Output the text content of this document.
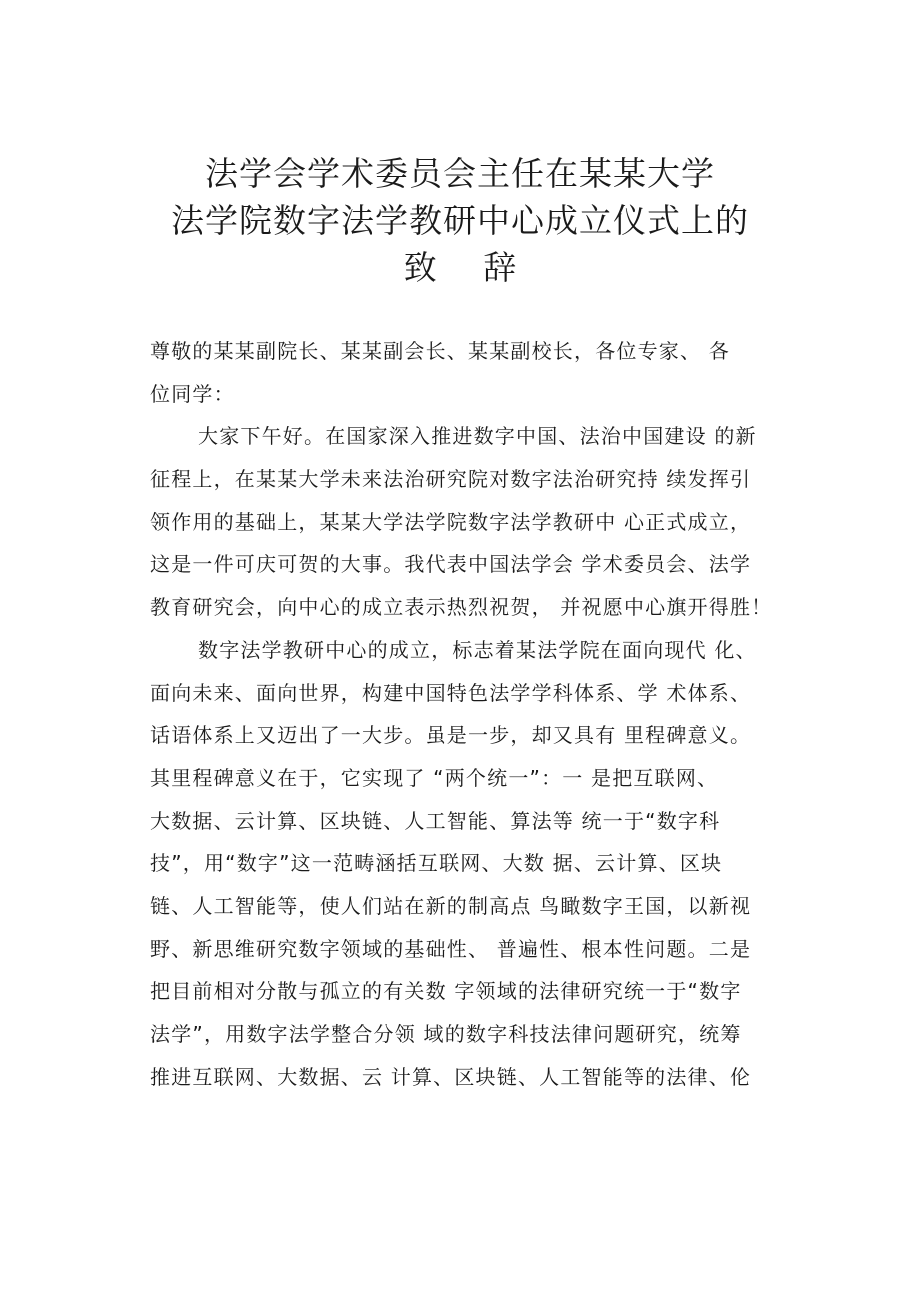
法学会学术委员会主任在某某大学
法学院数字法学教研中心成立仪式上的
致 辞
尊敬的某某副院长、某某副会长、某某副校长，各位专家、 各
位同学：
大家下午好。在国家深入推进数字中国、法治中国建设 的新
征程上，在某某大学未来法治研究院对数字法治研究持 续发挥引
领作用的基础上，某某大学法学院数字法学教研中 心正式成立，
这是一件可庆可贺的大事。我代表中国法学会 学术委员会、法学
教育研究会，向中心的成立表示热烈祝贺， 并祝愿中心旗开得胜！
数字法学教研中心的成立，标志着某法学院在面向现代 化、
面向未来、面向世界，构建中国特色法学学科体系、学 术体系、
话语体系上又迈出了一大步。虽是一步，却又具有 里程碑意义。
其里程碑意义在于，它实现了 “两个统一”：一 是把互联网、
大数据、云计算、区块链、人工智能、算法等 统一于“数字科
技”，用“数字”这一范畴涵括互联网、大数 据、云计算、区块
链、人工智能等，使人们站在新的制高点 鸟瞰数字王国，以新视
野、新思维研究数字领域的基础性、 普遍性、根本性问题。二是
把目前相对分散与孤立的有关数 字领域的法律研究统一于“数字
法学”，用数字法学整合分领 域的数字科技法律问题研究，统筹
推进互联网、大数据、云 计算、区块链、人工智能等的法律、伦
